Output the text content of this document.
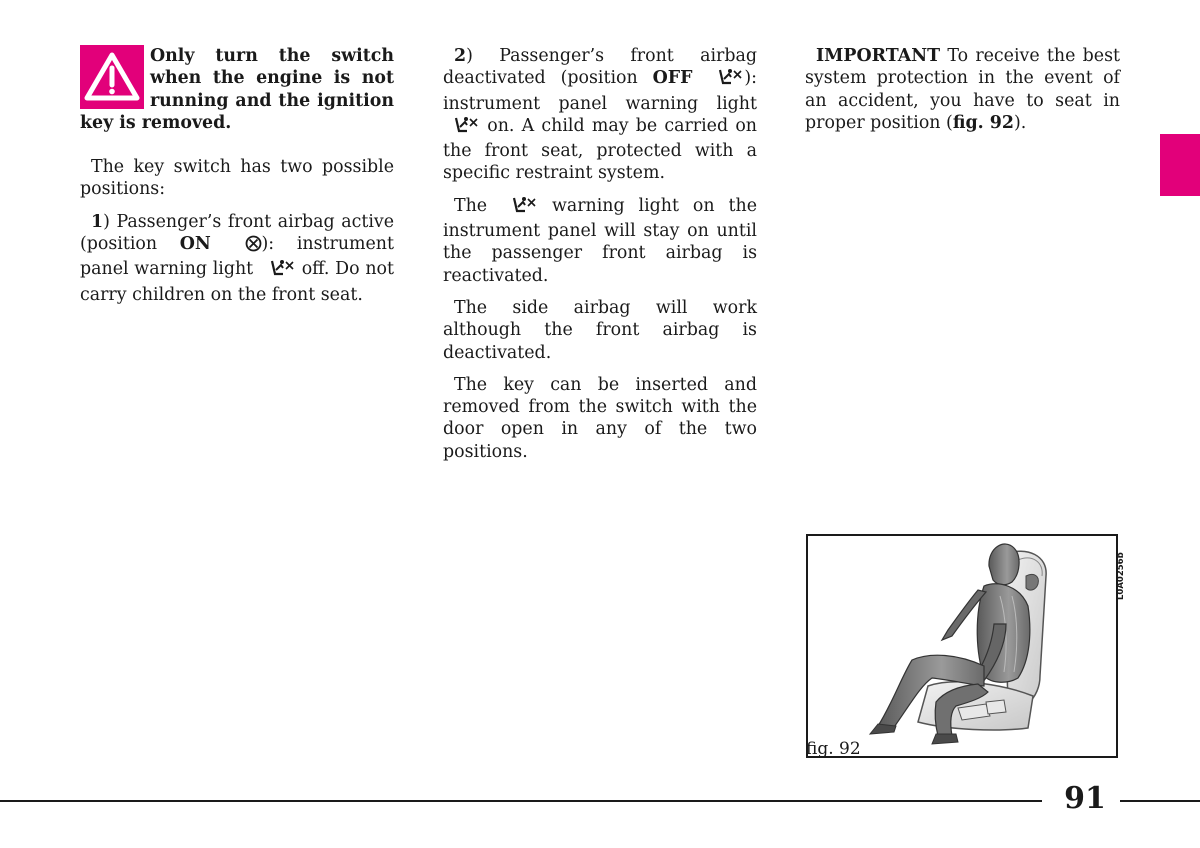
Only turn the switch
when the engine is not
running and the ignition
key is removed.

The key switch has two possible positions:

1) Passenger’s front airbag active (position ON	): instrument panel warning light  off. Do not carry children on the front seat.

2) Passenger’s front airbag deactivated (position OFF	): instrument panel warning light  on. A child may be carried on the front seat, protected with a specific restraint system.

The  warning light on the instrument panel will stay on until the passenger front airbag is reactivated.

The side airbag will work although the front airbag is deactivated.

The key can be inserted and removed from the switch with the door open in any of the two positions.

IMPORTANT To receive the best system protection in the event of an accident, you have to seat in proper position (fig. 92).

L0A0256b
fig. 92
91
